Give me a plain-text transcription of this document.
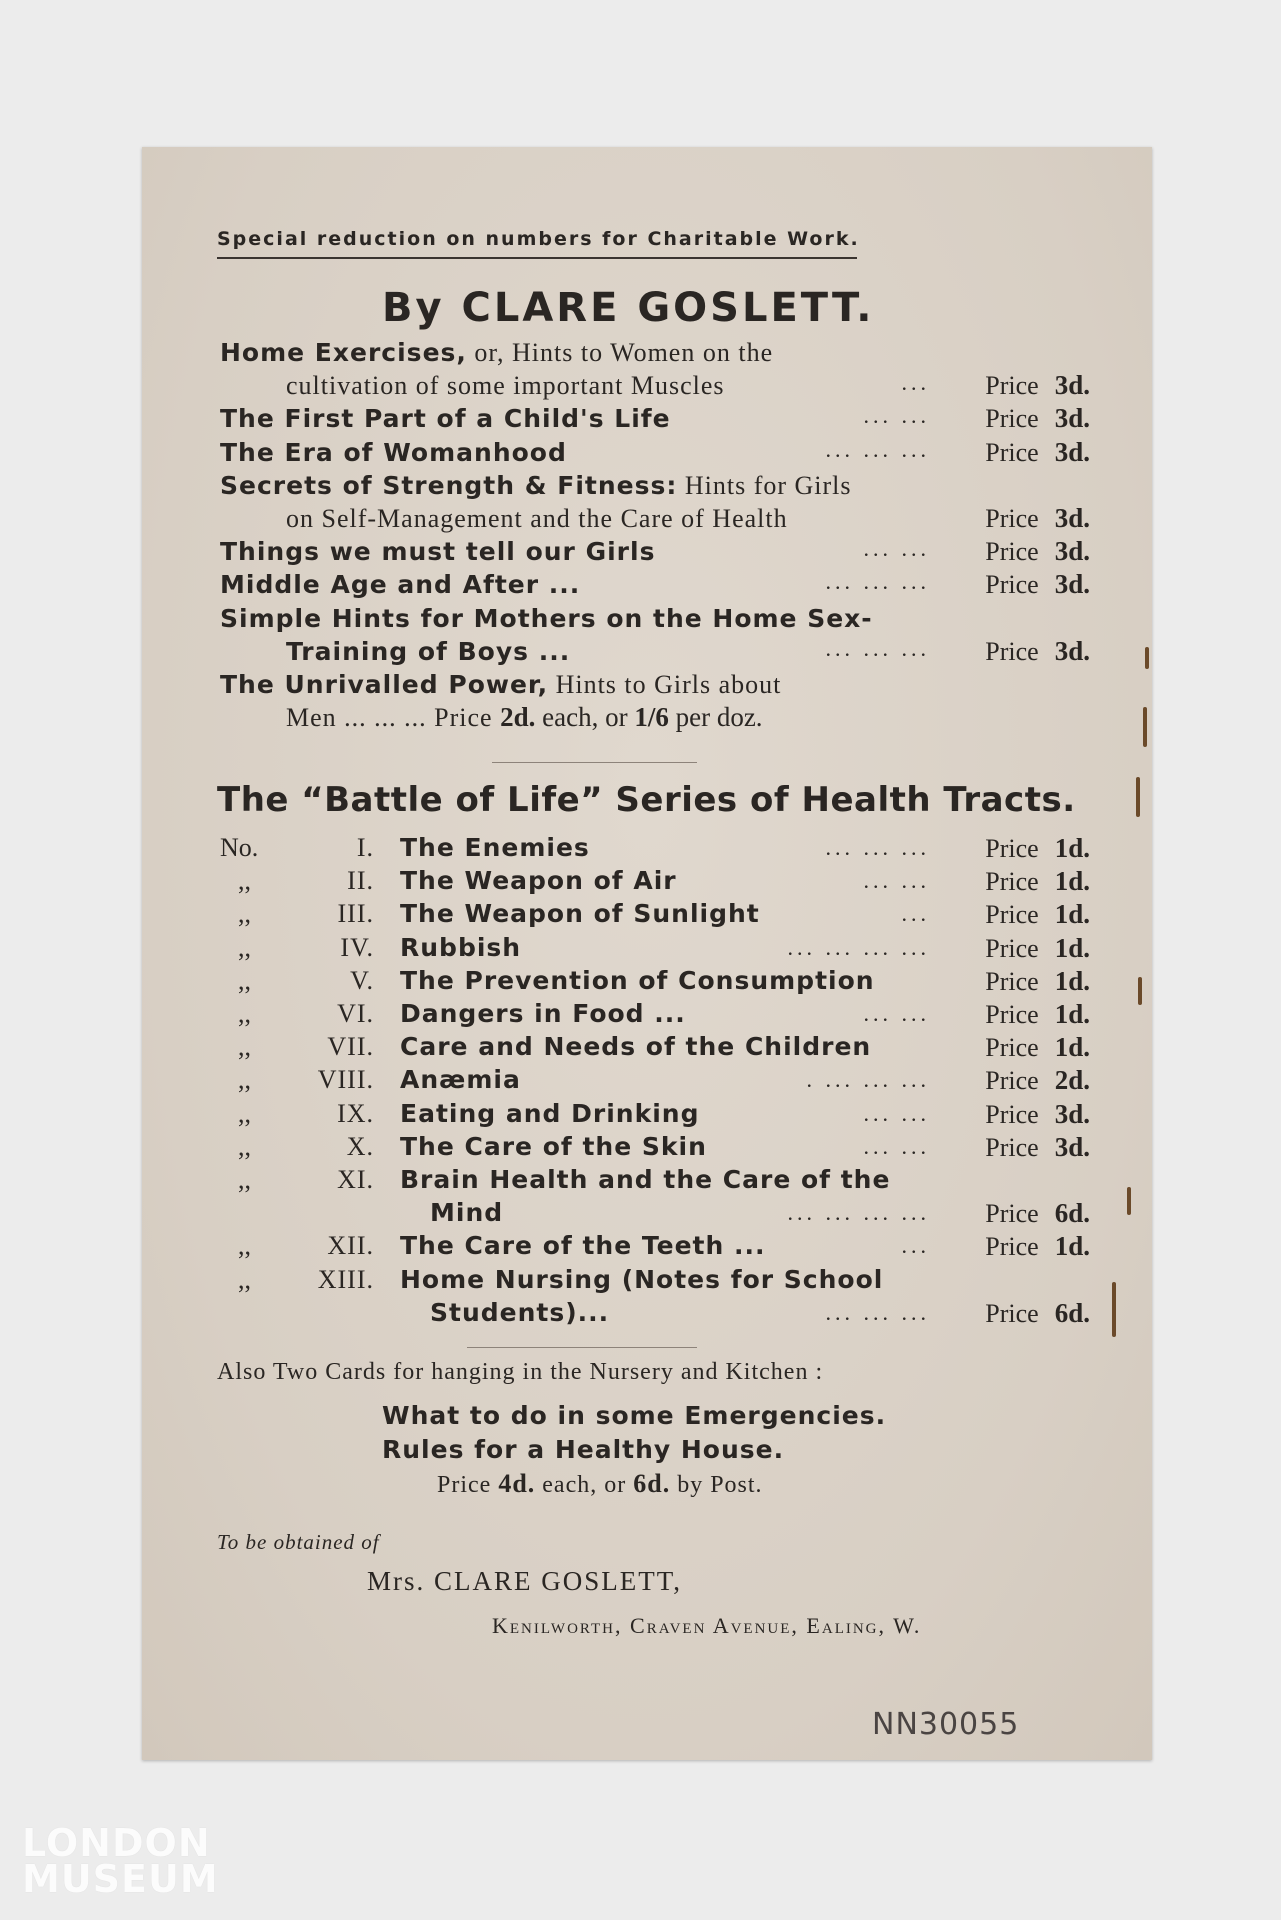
Special reduction on numbers for Charitable Work.
By CLARE GOSLETT.
Home Exercises, or, Hints to Women on the
cultivation of some important Muscles	... Price 3d.
The First Part of a Child's Life	... ... Price 3d.
The Era of Womanhood	... ... ... Price 3d.
Secrets of Strength & Fitness: Hints for Girls
on Self-Management and the Care of Health	Price 3d.
Things we must tell our Girls	... ... Price 3d.
Middle Age and After ...	... ... ... Price 3d.
Simple Hints for Mothers on the Home Sex-
Training of Boys ...	... ... ... Price 3d.
The Unrivalled Power, Hints to Girls about
Men ... ... ... Price 2d. each, or 1/6 per doz.
The “Battle of Life” Series of Health Tracts.
No.	I. The Enemies	... ... ... Price 1d.
,,	II. The Weapon of Air	... ... Price 1d.
,,	III. The Weapon of Sunlight	... Price 1d.
,,	IV. Rubbish	... ... ... ... Price 1d.
,,	V. The Prevention of Consumption	Price 1d.
,,	VI. Dangers in Food ...	... ... Price 1d.
,,	VII. Care and Needs of the Children	Price 1d.
,,	VIII. Anæmia	. ... ... ... Price 2d.
,,	IX. Eating and Drinking	... ... Price 3d.
,,	X. The Care of the Skin	... ... Price 3d.
,,	XI. Brain Health and the Care of the
Mind	... ... ... ... Price 6d.
,,	XII. The Care of the Teeth ...	... Price 1d.
,,	XIII. Home Nursing (Notes for School
Students)...	... ... ... Price 6d.
Also Two Cards for hanging in the Nursery and Kitchen :
What to do in some Emergencies.
Rules for a Healthy House.
Price 4d. each, or 6d. by Post.
To be obtained of
Mrs. CLARE GOSLETT,
Kenilworth, Craven Avenue, Ealing, W.
NN30055
LONDON
MUSEUM
